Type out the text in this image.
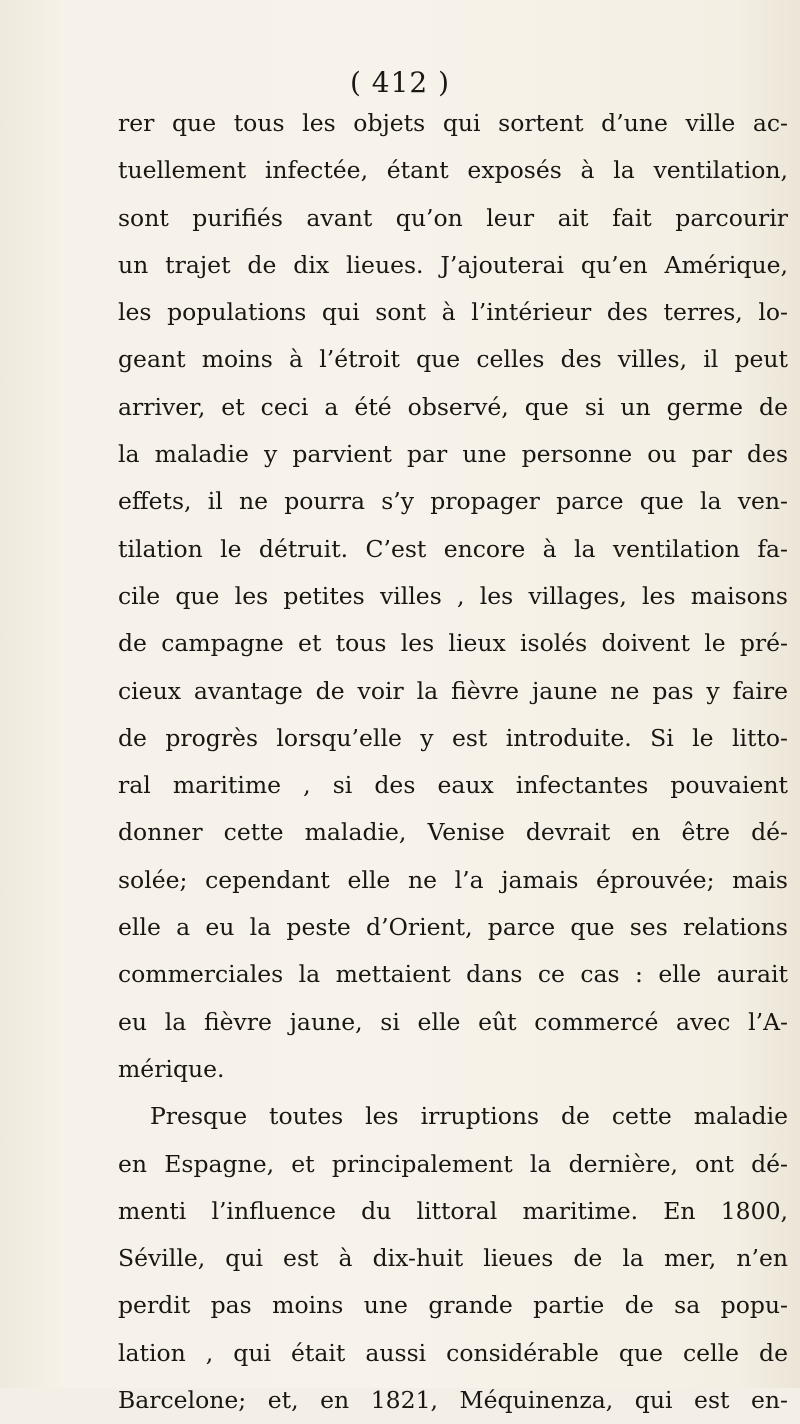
( 412 )
rer que tous les objets qui sortent d’une ville ac-
tuellement infectée, étant exposés à la ventilation,
sont purifiés avant qu’on leur ait fait parcourir
un trajet de dix lieues. J’ajouterai qu’en Amérique,
les populations qui sont à l’intérieur des terres, lo-
geant moins à l’étroit que celles des villes, il peut
arriver, et ceci a été observé, que si un germe de
la maladie y parvient par une personne ou par des
effets, il ne pourra s’y propager parce que la ven-
tilation le détruit. C’est encore à la ventilation fa-
cile que les petites villes , les villages, les maisons
de campagne et tous les lieux isolés doivent le pré-
cieux avantage de voir la fièvre jaune ne pas y faire
de progrès lorsqu’elle y est introduite. Si le litto-
ral maritime , si des eaux infectantes pouvaient
donner cette maladie, Venise devrait en être dé-
solée; cependant elle ne l’a jamais éprouvée; mais
elle a eu la peste d’Orient, parce que ses relations
commerciales la mettaient dans ce cas : elle aurait
eu la fièvre jaune, si elle eût commercé avec l’A-
mérique.
Presque toutes les irruptions de cette maladie
en Espagne, et principalement la dernière, ont dé-
menti l’influence du littoral maritime. En 1800,
Séville, qui est à dix-huit lieues de la mer, n’en
perdit pas moins une grande partie de sa popu-
lation , qui était aussi considérable que celle de
Barcelone; et, en 1821, Méquinenza, qui est en-
